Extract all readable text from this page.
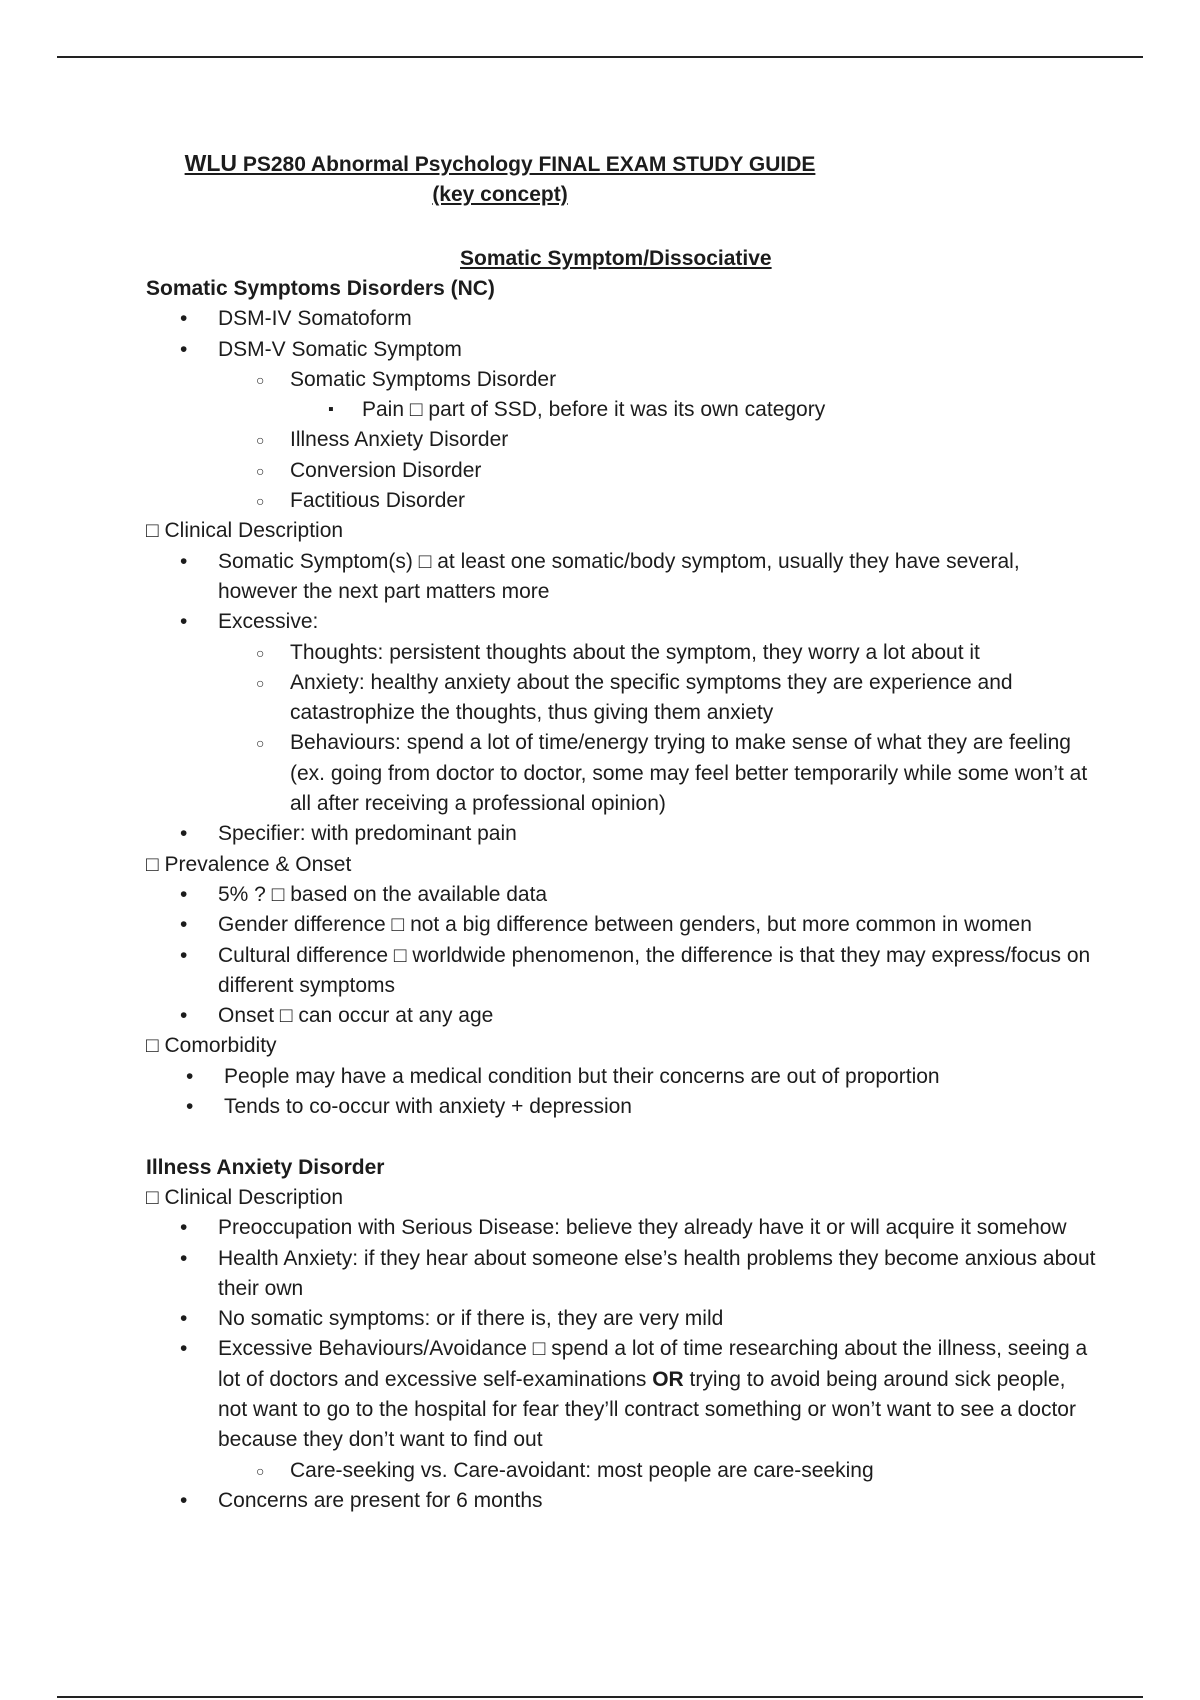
WLU PS280 Abnormal Psychology FINAL EXAM STUDY GUIDE (key concept)
Somatic Symptom/Dissociative
Somatic Symptoms Disorders (NC)
• DSM-IV Somatoform
• DSM-V Somatic Symptom
○ Somatic Symptoms Disorder
▪ Pain □ part of SSD, before it was its own category
○ Illness Anxiety Disorder
○ Conversion Disorder
○ Factitious Disorder
□ Clinical Description
• Somatic Symptom(s) □ at least one somatic/body symptom, usually they have several, however the next part matters more
• Excessive:
○ Thoughts: persistent thoughts about the symptom, they worry a lot about it
○ Anxiety: healthy anxiety about the specific symptoms they are experience and catastrophize the thoughts, thus giving them anxiety
○ Behaviours: spend a lot of time/energy trying to make sense of what they are feeling (ex. going from doctor to doctor, some may feel better temporarily while some won’t at all after receiving a professional opinion)
• Specifier: with predominant pain
□ Prevalence & Onset
• 5% ? □ based on the available data
• Gender difference □ not a big difference between genders, but more common in women
• Cultural difference □ worldwide phenomenon, the difference is that they may express/focus on different symptoms
• Onset □ can occur at any age
□ Comorbidity
• People may have a medical condition but their concerns are out of proportion
• Tends to co-occur with anxiety + depression
Illness Anxiety Disorder
□ Clinical Description
• Preoccupation with Serious Disease: believe they already have it or will acquire it somehow
• Health Anxiety: if they hear about someone else’s health problems they become anxious about their own
• No somatic symptoms: or if there is, they are very mild
• Excessive Behaviours/Avoidance □ spend a lot of time researching about the illness, seeing a lot of doctors and excessive self-examinations OR trying to avoid being around sick people, not want to go to the hospital for fear they’ll contract something or won’t want to see a doctor because they don’t want to find out
○ Care-seeking vs. Care-avoidant: most people are care-seeking
• Concerns are present for 6 months
